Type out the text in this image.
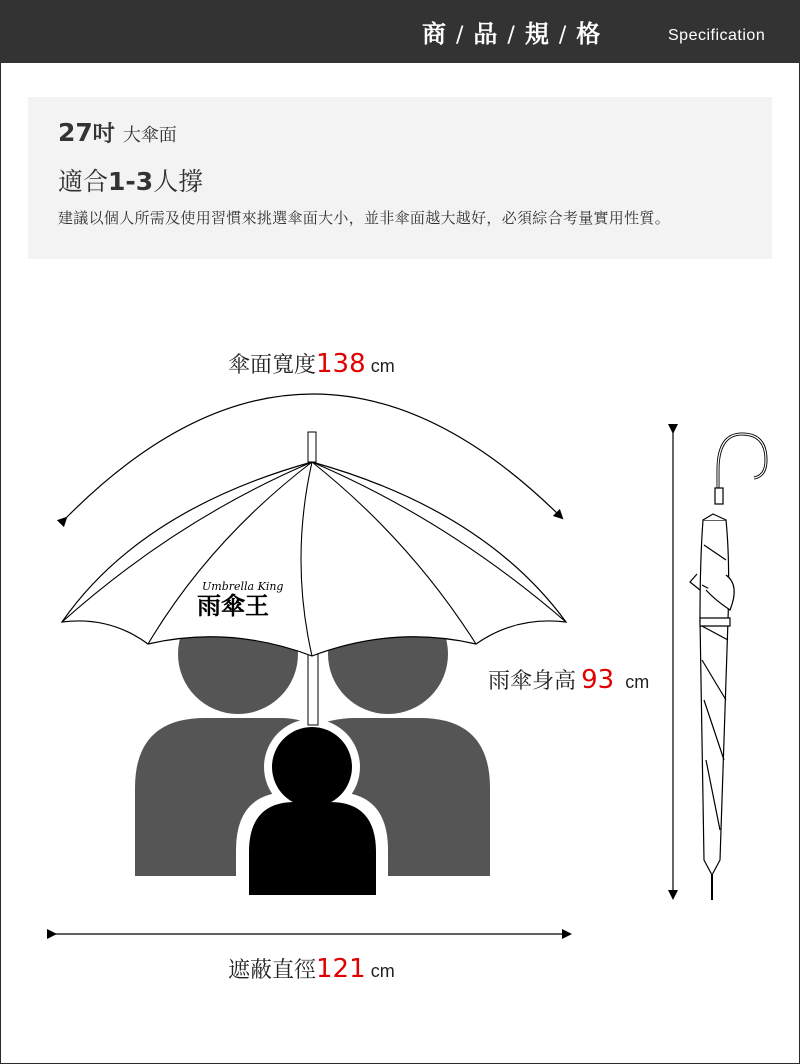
商 / 品 / 規 / 格	Specification
27吋 大傘面
適合1-3人撐
建議以個人所需及使用習慣來挑選傘面大小，並非傘面越大越好，必須綜合考量實用性質。
Umbrella King
雨傘王
傘面寬度138 cm
雨傘身高 93 cm
遮蔽直徑121 cm
